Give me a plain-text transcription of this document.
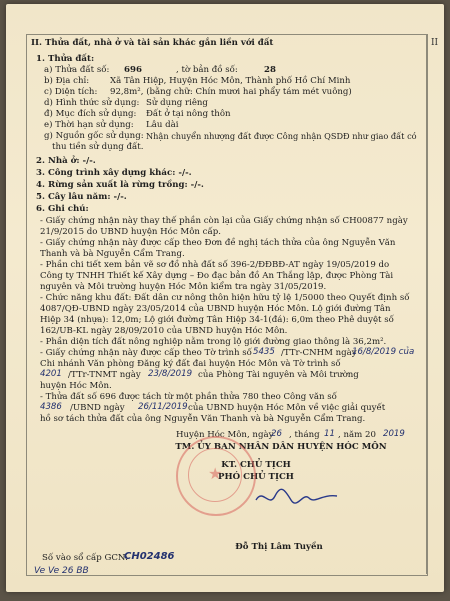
II
II. Thửa đất, nhà ở và tài sản khác gắn liền với đất
1. Thửa đất:
a) Thửa đất số: 696	, tờ bản đồ số:	28
b) Địa chỉ: Xã Tân Hiệp, Huyện Hóc Môn, Thành phố Hồ Chí Minh
c) Diện tích: 92,8m², (bằng chữ: Chín mươi hai phẩy tám mét vuông)
d) Hình thức sử dụng: Sử dụng riêng
đ) Mục đích sử dụng: Đất ở tại nông thôn
e) Thời hạn sử dụng: Lâu dài
g) Nguồn gốc sử dụng: Nhận chuyển nhượng đất được Công nhận QSDĐ như giao đất có
thu tiền sử dụng đất.
2. Nhà ở: -/-.
3. Công trình xây dựng khác: -/-.
4. Rừng sản xuất là rừng trồng: -/-.
5. Cây lâu năm: -/-.
6. Ghi chú:
- Giấy chứng nhận này thay thế phần còn lại của Giấy chứng nhận số CH00877 ngày
21/9/2015 do UBND huyện Hóc Môn cấp.
- Giấy chứng nhận này được cấp theo Đơn đề nghị tách thửa của ông Nguyễn Văn
Thanh và bà Nguyễn Cẩm Trang.
- Phần chi tiết xem bản vẽ sơ đồ nhà đất số 396-2/ĐĐBĐ-AT ngày 19/05/2019 do
Công ty TNHH Thiết kế Xây dựng – Đo đạc bản đồ An Thắng lập, được Phòng Tài
nguyên và Môi trường huyện Hóc Môn kiểm tra ngày 31/05/2019.
- Chức năng khu đất: Đất dân cư nông thôn hiện hữu tỷ lệ 1/5000 theo Quyết định số
4087/QĐ-UBND ngày 23/05/2014 của UBND huyện Hóc Môn. Lộ giới đường Tân
Hiệp 34 (nhựa): 12,0m; Lộ giới đường Tân Hiệp 34-1(đá): 6,0m theo Phê duyệt số
162/UB-KL ngày 28/09/2010 của UBND huyện Hóc Môn.
- Phần diện tích đất nông nghiệp nằm trong lộ giới đường giao thông là 36,2m².
- Giấy chứng nhận này được cấp theo Tờ trình số 5435 /TTr-CNHM ngày
16/8/2019 của
Chi nhánh Văn phòng Đăng ký đất đai huyện Hóc Môn và Tờ trình số
4201 /TTr-TNMT ngày 23/8/2019 của Phòng Tài nguyên và Môi trường
huyện Hóc Môn.
- Thửa đất số 696 được tách từ một phần thửa 780 theo Công văn số
4386 /UBND ngày 26/11/2019 của UBND huyện Hóc Môn về việc giải quyết
hồ sơ tách thửa đất của ông Nguyễn Văn Thanh và bà Nguyễn Cẩm Trang.
Huyện Hóc Môn, ngày
26 , tháng 11 , năm 20 2019
TM. ỦY BAN NHÂN DÂN HUYỆN HÓC MÔN
KT. CHỦ TỊCH
PHÓ CHỦ TỊCH
★
Đỗ Thị Lâm Tuyền
Số vào sổ cấp GCN:
CH02486
Ve Ve 26 BB
